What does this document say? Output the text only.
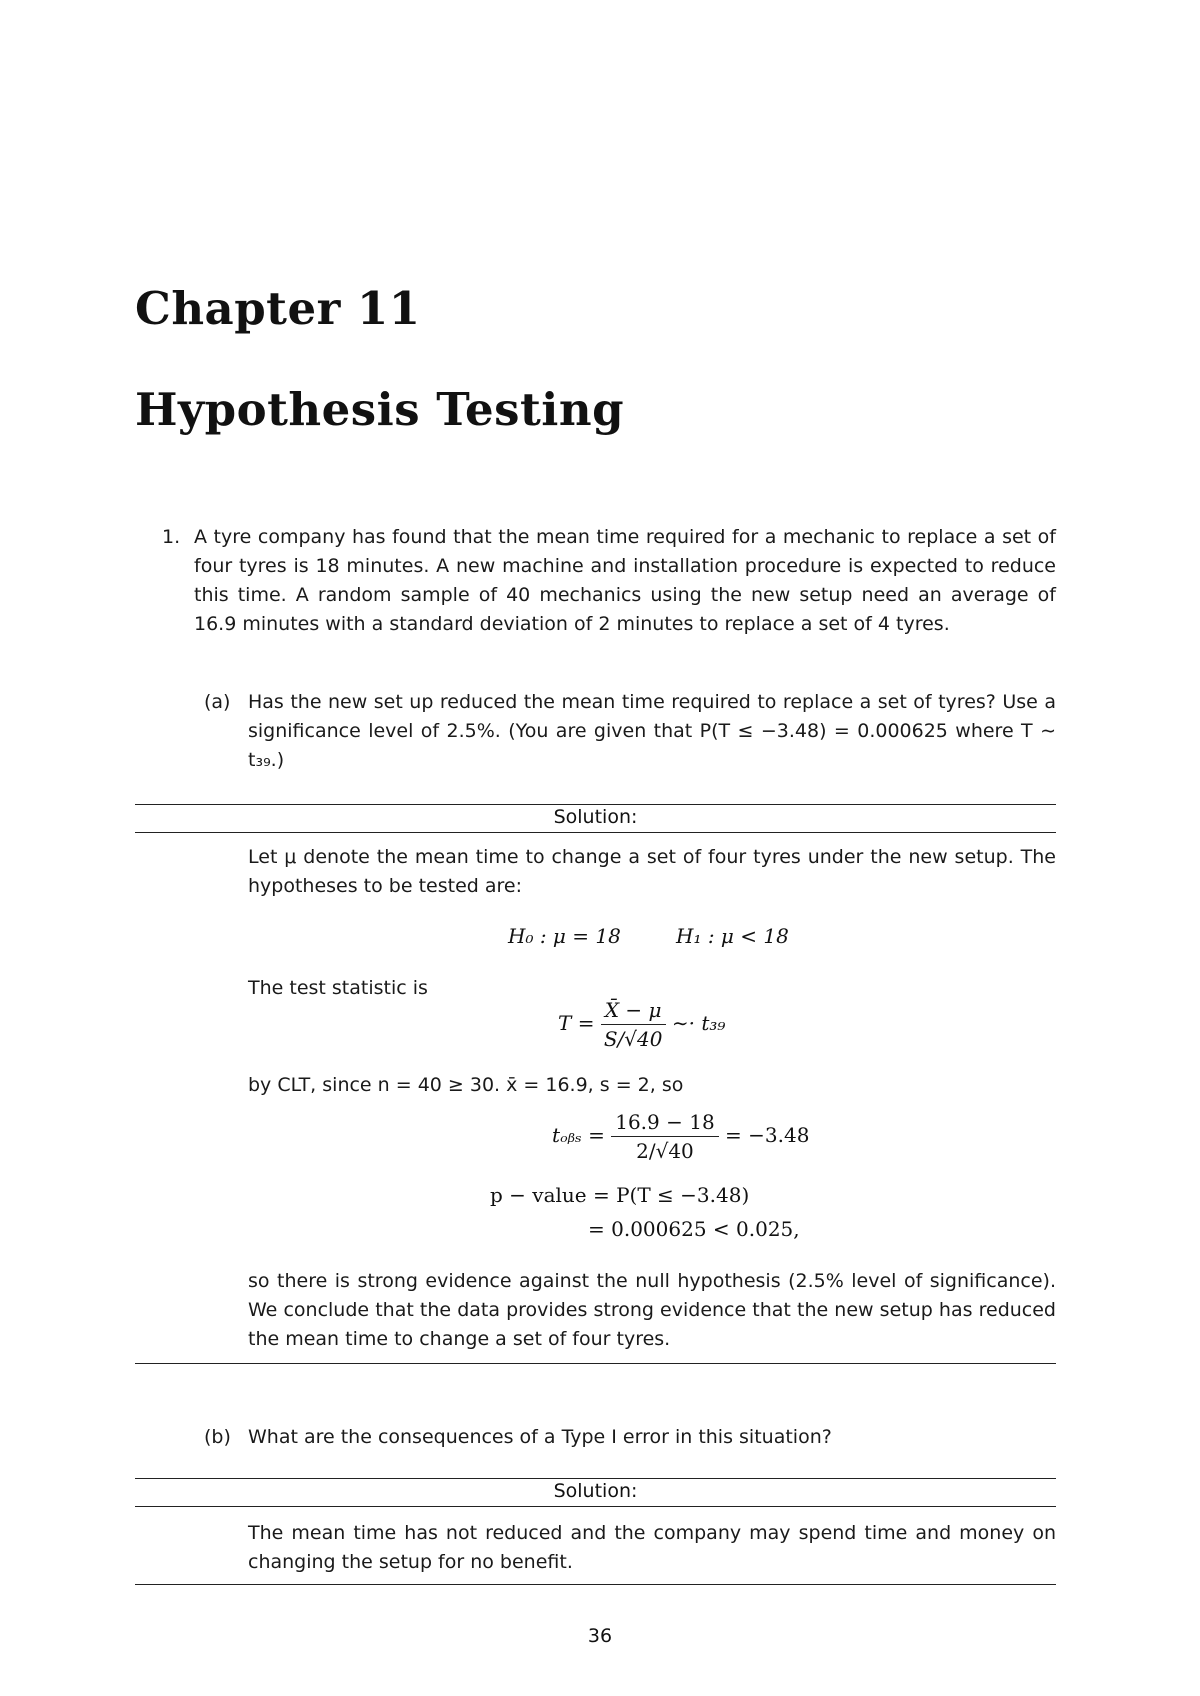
Chapter 11
Hypothesis Testing
1. A tyre company has found that the mean time required for a mechanic to replace a set of four tyres is 18 minutes. A new machine and installation procedure is expected to reduce this time. A random sample of 40 mechanics using the new setup need an average of 16.9 minutes with a standard deviation of 2 minutes to replace a set of 4 tyres.

(a) Has the new set up reduced the mean time required to replace a set of tyres? Use a significance level of 2.5%. (You are given that P(T ≤ −3.48) = 0.000625 where T ∼ t₃₉.)

Solution:

Let μ denote the mean time to change a set of four tyres under the new setup. The hypotheses to be tested are:

H₀ : μ = 18	H₁ : μ < 18
The test statistic is
$T = \frac{X̄ - \mu}{S/√40}$ ∼· t₃₉
by CLT, since n = 40 ≥ 30. x̄ = 16.9, s = 2, so
tₒᵦₛ = $\frac{16.9 - 18}{2/√40} = -3.48$
p − value = P(T ≤ −3.48)
= 0.000625 < 0.025,

so there is strong evidence against the null hypothesis (2.5% level of significance). We conclude that the data provides strong evidence that the new setup has reduced the mean time to change a set of four tyres.

(b) What are the consequences of a Type I error in this situation?

Solution:

The mean time has not reduced and the company may spend time and money on changing the setup for no benefit.

36
